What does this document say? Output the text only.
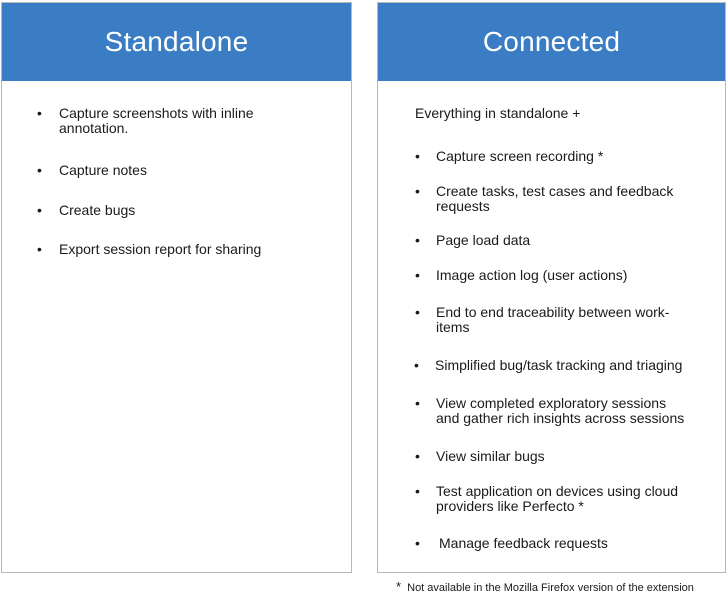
Standalone
• Capture screenshots with inline
annotation.
• Capture notes
• Create bugs
• Export session report for sharing
Connected
Everything in standalone +
• Capture screen recording *
• Create tasks, test cases and feedback
requests
• Page load data
• Image action log (user actions)
• End to end traceability between work-
items
• Simplified bug/task tracking and triaging
• View completed exploratory sessions
and gather rich insights across sessions
• View similar bugs
• Test application on devices using cloud
providers like Perfecto *
• Manage feedback requests
* Not available in the Mozilla Firefox version of the extension
